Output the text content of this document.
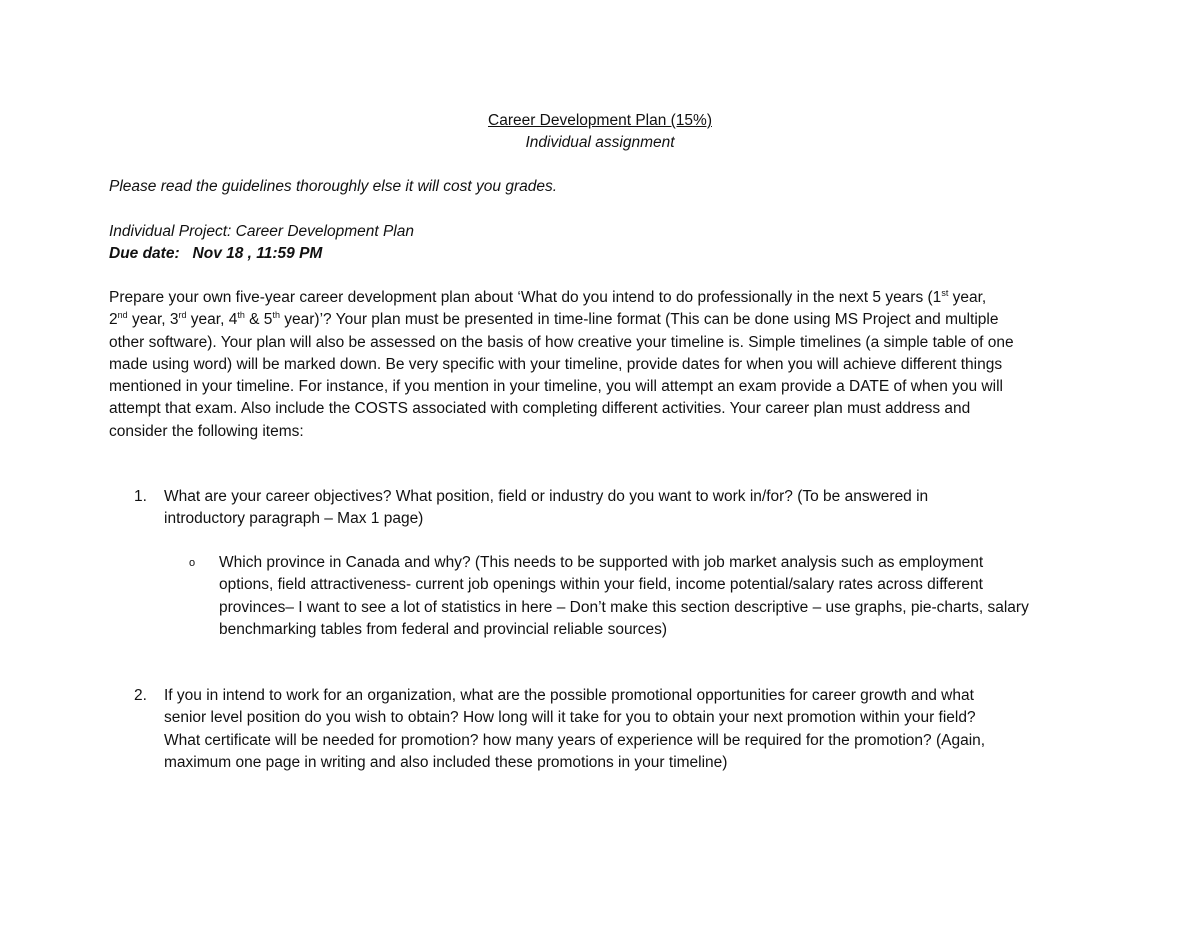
Career Development Plan (15%)
Individual assignment
Please read the guidelines thoroughly else it will cost you grades.
Individual Project: Career Development Plan
Due date:   Nov 18 , 11:59 PM
Prepare your own five-year career development plan about ‘What do you intend to do professionally in the next 5 years (1st year,
2nd year, 3rd year, 4th & 5th year)’? Your plan must be presented in time-line format (This can be done using MS Project and multiple
other software). Your plan will also be assessed on the basis of how creative your timeline is. Simple timelines (a simple table of one
made using word) will be marked down. Be very specific with your timeline, provide dates for when you will achieve different things
mentioned in your timeline. For instance, if you mention in your timeline, you will attempt an exam provide a DATE of when you will
attempt that exam. Also include the COSTS associated with completing different activities. Your career plan must address and
consider the following items:
1. What are your career objectives? What position, field or industry do you want to work in/for? (To be answered in
introductory paragraph – Max 1 page)
o Which province in Canada and why? (This needs to be supported with job market analysis such as employment
options, field attractiveness- current job openings within your field, income potential/salary rates across different
provinces– I want to see a lot of statistics in here – Don’t make this section descriptive – use graphs, pie-charts, salary
benchmarking tables from federal and provincial reliable sources)
2. If you in intend to work for an organization, what are the possible promotional opportunities for career growth and what
senior level position do you wish to obtain? How long will it take for you to obtain your next promotion within your field?
What certificate will be needed for promotion? how many years of experience will be required for the promotion? (Again,
maximum one page in writing and also included these promotions in your timeline)
